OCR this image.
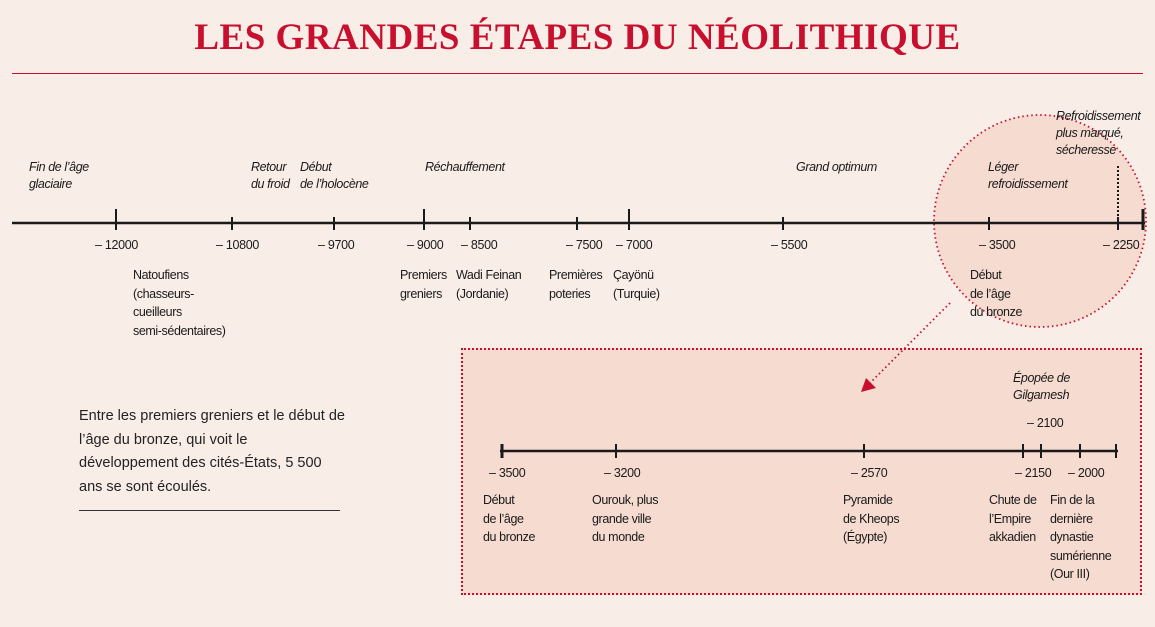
LES GRANDES ÉTAPES DU NÉOLITHIQUE
Fin de l’âge
glaciaire
Retour
du froid
Début
de l’holocène
Réchauffement	Grand optimum	Léger
refroidissement
Refroidissement
plus marqué,
sécheresse
– 12000	– 10800	– 9700	– 9000 – 8500	– 7500 – 7000	– 5500	– 3500	– 2250
Natoufiens
(chasseurs-
cueilleurs
semi-sédentaires)
Premiers
greniers
Wadi Feinan
(Jordanie)
Premières
poteries
Çayönü
(Turquie)
Début
de l’âge
du bronze
Entre les premiers greniers et le début de l’âge du bronze, qui voit le développement des cités-États, 5 500 ans se sont écoulés.
Épopée de
Gilgamesh
– 2100
– 3500	– 3200	– 2570	– 2150 – 2000
Début
de l’âge
du bronze
Ourouk, plus
grande ville
du monde
Pyramide
de Kheops
(Égypte)
Chute de
l’Empire
akkadien
Fin de la
dernière
dynastie
sumérienne
(Our III)
